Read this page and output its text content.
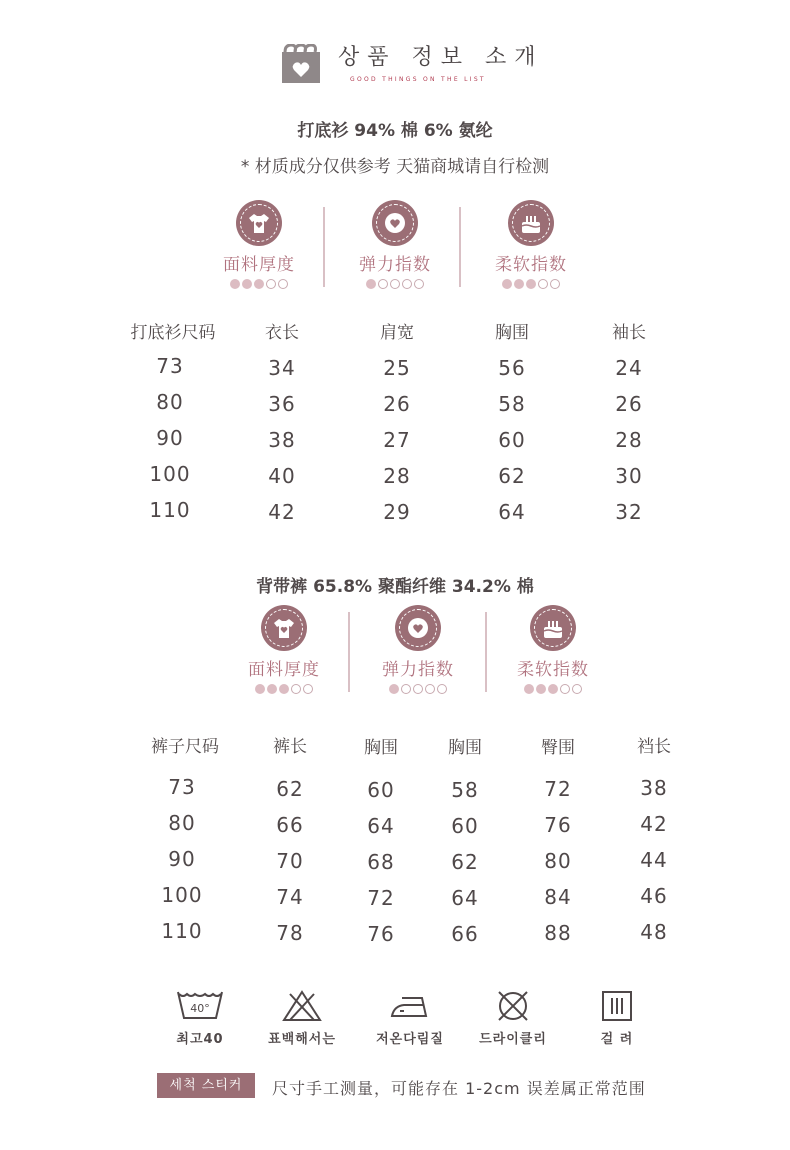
상품 정보 소개
GOOD THINGS ON THE LIST
打底衫 94% 棉 6% 氨纶
* 材质成分仅供参考 天猫商城请自行检测
面料厚度	弹力指数	柔软指数
打底衫尺码	衣长	肩宽	胸围	袖长
73	34	25	56	24
80	36	26	58	26
90	38	27	60	28
100	40	28	62	30
110	42	29	64	32
背带裤 65.8% 聚酯纤维 34.2% 棉
面料厚度	弹力指数	柔软指数
裤子尺码	裤长	胸围	胸围	臀围	裆长
73	62	60	58	72	38
80	66	64	60	76	42
90	70	68	62	80	44
100	74	72	64	84	46
110	78	76	66	88	48
40°
최고40	표백해서는	저온다림질	드라이클리	걸 려
세척 스티커	尺寸手工测量，可能存在 1-2cm 误差属正常范围
